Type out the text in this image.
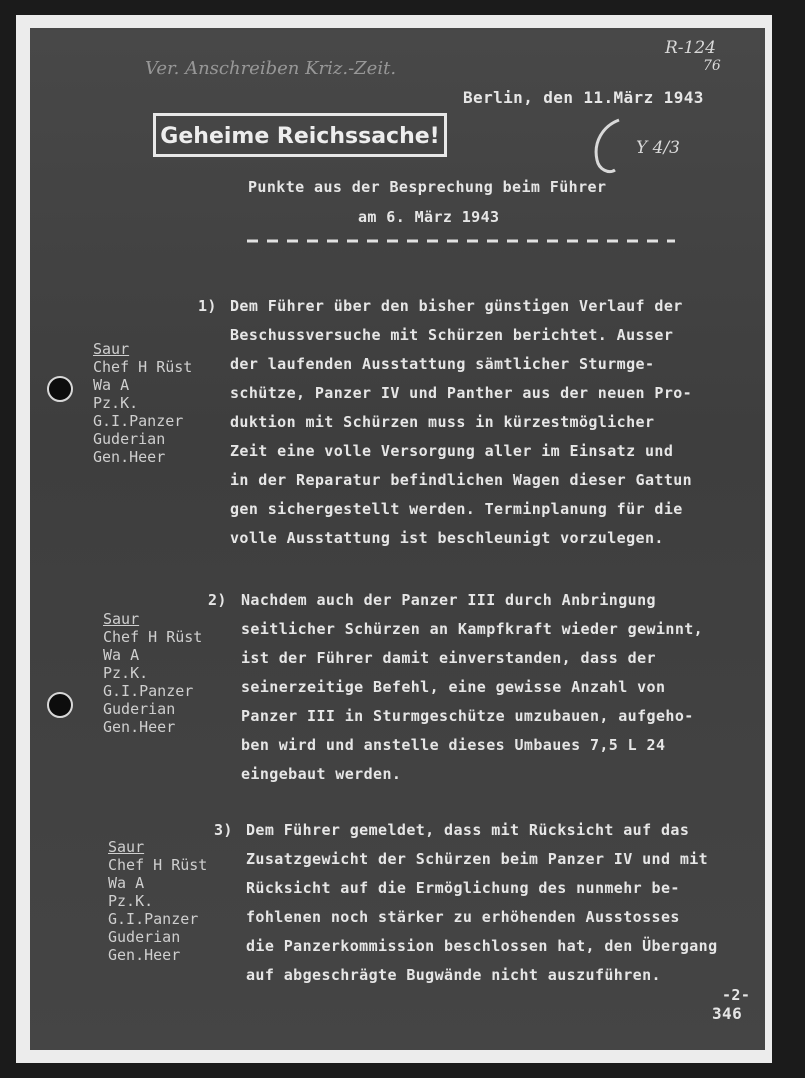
Ver. Anschreiben Kriz.-Zeit.
R-124
76
Berlin, den 11.März 1943
Geheime Reichssache!	Y 4/3
Punkte aus der Besprechung beim Führer
am 6. März 1943
1) Dem Führer über den bisher günstigen Verlauf der
Beschussversuche mit Schürzen berichtet. Ausser
der laufenden Ausstattung sämtlicher Sturmge-
schütze, Panzer IV und Panther aus der neuen Pro-
duktion mit Schürzen muss in kürzestmöglicher
Zeit eine volle Versorgung aller im Einsatz und
in der Reparatur befindlichen Wagen dieser Gattun
gen sichergestellt werden. Terminplanung für die
volle Ausstattung ist beschleunigt vorzulegen.
Saur
Chef H Rüst
Wa A
Pz.K.
G.I.Panzer
Guderian
Gen.Heer
2) Nachdem auch der Panzer III durch Anbringung
seitlicher Schürzen an Kampfkraft wieder gewinnt,
ist der Führer damit einverstanden, dass der
seinerzeitige Befehl, eine gewisse Anzahl von
Panzer III in Sturmgeschütze umzubauen, aufgeho-
ben wird und anstelle dieses Umbaues 7,5 L 24
eingebaut werden.
Saur
Chef H Rüst
Wa A
Pz.K.
G.I.Panzer
Guderian
Gen.Heer
3) Dem Führer gemeldet, dass mit Rücksicht auf das
Zusatzgewicht der Schürzen beim Panzer IV und mit
Rücksicht auf die Ermöglichung des nunmehr be-
fohlenen noch stärker zu erhöhenden Ausstosses
die Panzerkommission beschlossen hat, den Übergang
auf abgeschrägte Bugwände nicht auszuführen.
Saur
Chef H Rüst
Wa A
Pz.K.
G.I.Panzer
Guderian
Gen.Heer
-2-
346
